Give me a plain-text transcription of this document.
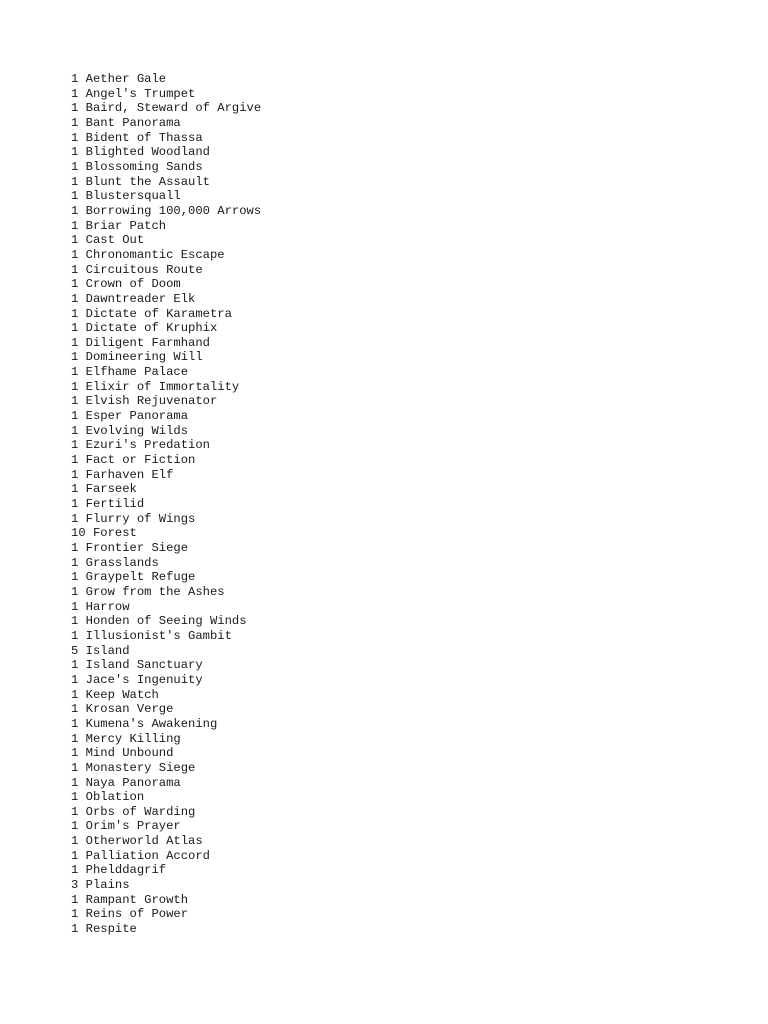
1 Aether Gale
1 Angel's Trumpet
1 Baird, Steward of Argive
1 Bant Panorama
1 Bident of Thassa
1 Blighted Woodland
1 Blossoming Sands
1 Blunt the Assault
1 Blustersquall
1 Borrowing 100,000 Arrows
1 Briar Patch
1 Cast Out
1 Chronomantic Escape
1 Circuitous Route
1 Crown of Doom
1 Dawntreader Elk
1 Dictate of Karametra
1 Dictate of Kruphix
1 Diligent Farmhand
1 Domineering Will
1 Elfhame Palace
1 Elixir of Immortality
1 Elvish Rejuvenator
1 Esper Panorama
1 Evolving Wilds
1 Ezuri's Predation
1 Fact or Fiction
1 Farhaven Elf
1 Farseek
1 Fertilid
1 Flurry of Wings
10 Forest
1 Frontier Siege
1 Grasslands
1 Graypelt Refuge
1 Grow from the Ashes
1 Harrow
1 Honden of Seeing Winds
1 Illusionist's Gambit
5 Island
1 Island Sanctuary
1 Jace's Ingenuity
1 Keep Watch
1 Krosan Verge
1 Kumena's Awakening
1 Mercy Killing
1 Mind Unbound
1 Monastery Siege
1 Naya Panorama
1 Oblation
1 Orbs of Warding
1 Orim's Prayer
1 Otherworld Atlas
1 Palliation Accord
1 Phelddagrif
3 Plains
1 Rampant Growth
1 Reins of Power
1 Respite
